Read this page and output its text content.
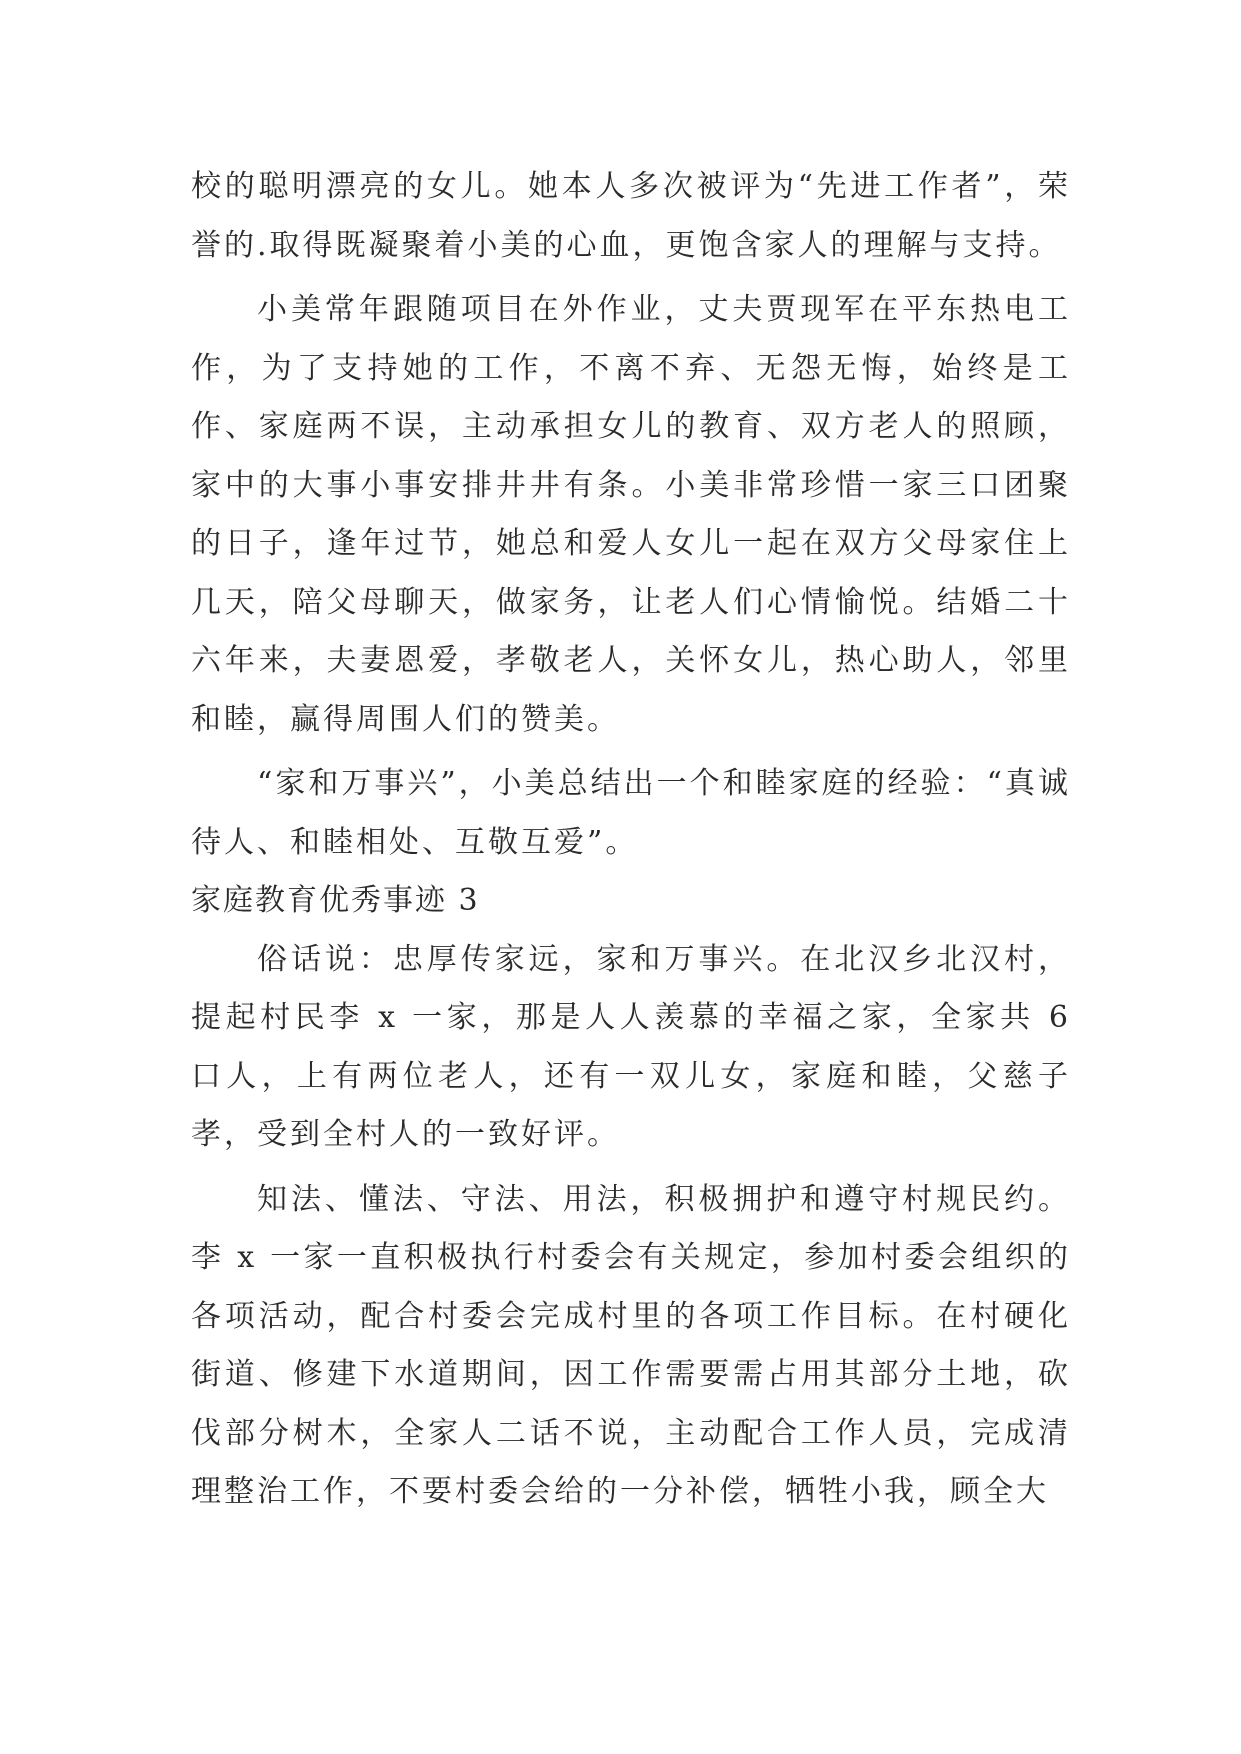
校的聪明漂亮的女儿。她本人多次被评为“先进工作者”，荣誉的.取得既凝聚着小美的心血，更饱含家人的理解与支持。

小美常年跟随项目在外作业，丈夫贾现军在平东热电工作，为了支持她的工作，不离不弃、无怨无悔，始终是工作、家庭两不误，主动承担女儿的教育、双方老人的照顾，家中的大事小事安排井井有条。小美非常珍惜一家三口团聚的日子，逢年过节，她总和爱人女儿一起在双方父母家住上几天，陪父母聊天，做家务，让老人们心情愉悦。结婚二十六年来，夫妻恩爱，孝敬老人，关怀女儿，热心助人，邻里和睦，赢得周围人们的赞美。

“家和万事兴”，小美总结出一个和睦家庭的经验：“真诚待人、和睦相处、互敬互爱”。

家庭教育优秀事迹 3

俗话说：忠厚传家远，家和万事兴。在北汉乡北汉村，提起村民李 x 一家，那是人人羡慕的幸福之家，全家共 6 口人，上有两位老人，还有一双儿女，家庭和睦，父慈子孝，受到全村人的一致好评。

知法、懂法、守法、用法，积极拥护和遵守村规民约。李 x 一家一直积极执行村委会有关规定，参加村委会组织的各项活动，配合村委会完成村里的各项工作目标。在村硬化街道、修建下水道期间，因工作需要需占用其部分土地，砍伐部分树木，全家人二话不说，主动配合工作人员，完成清理整治工作，不要村委会给的一分补偿，牺牲小我，顾全大
